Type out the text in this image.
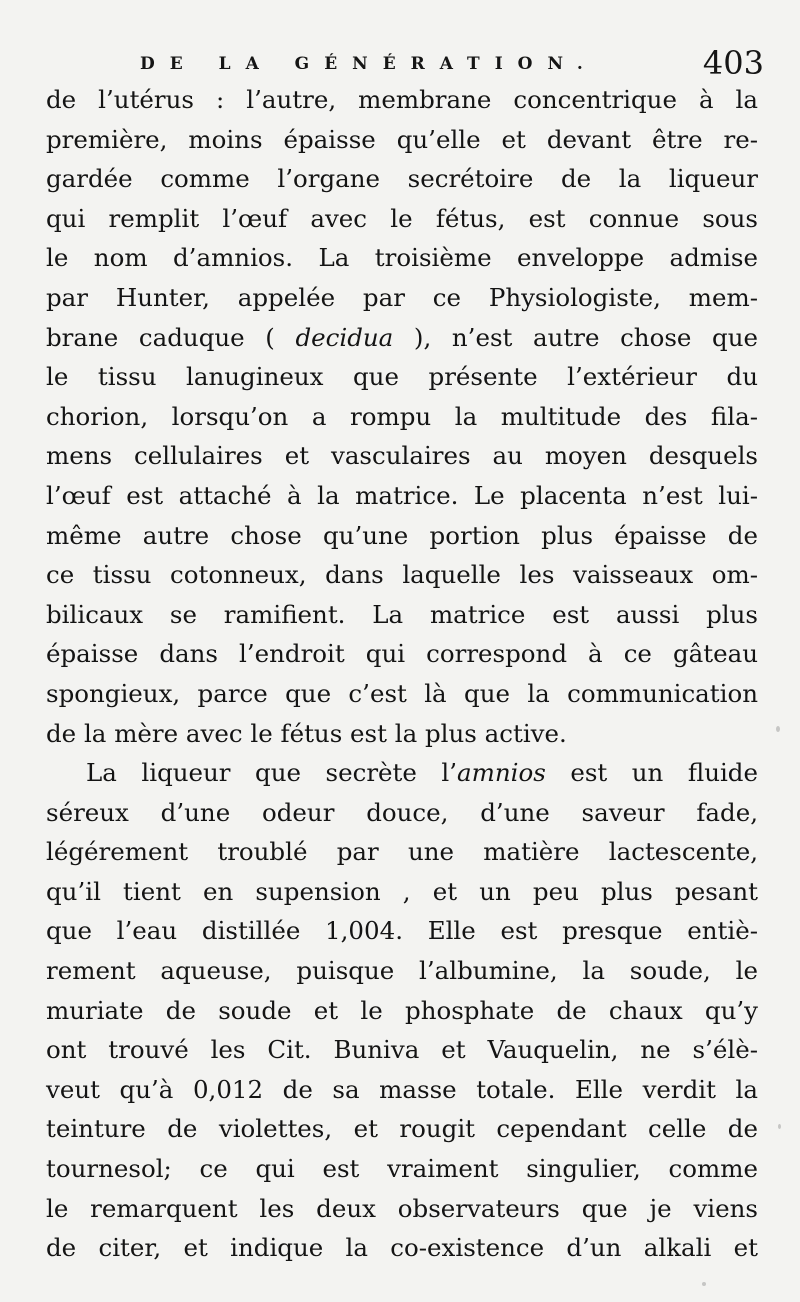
DE LA GÉNÉRATION.	403
de l’utérus : l’autre, membrane concentrique à la
première, moins épaisse qu’elle et devant être re-
gardée comme l’organe secrétoire de la liqueur
qui remplit l’œuf avec le fétus, est connue sous
le nom d’amnios. La troisième enveloppe admise
par Hunter, appelée par ce Physiologiste, mem-
brane caduque ( decidua ), n’est autre chose que
le tissu lanugineux que présente l’extérieur du
chorion, lorsqu’on a rompu la multitude des fila-
mens cellulaires et vasculaires au moyen desquels
l’œuf est attaché à la matrice. Le placenta n’est lui-
même autre chose qu’une portion plus épaisse de
ce tissu cotonneux, dans laquelle les vaisseaux om-
bilicaux se ramifient. La matrice est aussi plus
épaisse dans l’endroit qui correspond à ce gâteau
spongieux, parce que c’est là que la communication
de la mère avec le fétus est la plus active.
La liqueur que secrète l’amnios est un fluide
séreux d’une odeur douce, d’une saveur fade,
légérement troublé par une matière lactescente,
qu’il tient en supension , et un peu plus pesant
que l’eau distillée 1,004. Elle est presque entiè-
rement aqueuse, puisque l’albumine, la soude, le
muriate de soude et le phosphate de chaux qu’y
ont trouvé les Cit. Buniva et Vauquelin, ne s’élè-
veut qu’à 0,012 de sa masse totale. Elle verdit la
teinture de violettes, et rougit cependant celle de
tournesol; ce qui est vraiment singulier, comme
le remarquent les deux observateurs que je viens
de citer, et indique la co-existence d’un alkali et
